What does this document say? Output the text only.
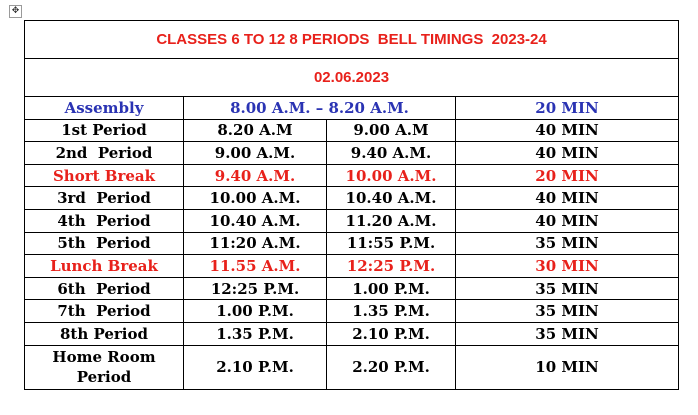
✥
CLASSES 6 TO 12 8 PERIODS  BELL TIMINGS  2023-24			
02.06.2023			
Assembly	8.00 A.M. – 8.20 A.M.		20 MIN
1st Period	8.20 A.M	9.00 A.M	40 MIN
2nd  Period	9.00 A.M.	9.40 A.M.	40 MIN
Short Break	9.40 A.M.	10.00 A.M.	20 MIN
3rd  Period	10.00 A.M.	10.40 A.M.	40 MIN
4th  Period	10.40 A.M.	11.20 A.M.	40 MIN
5th  Period	11:20 A.M.	11:55 P.M.	35 MIN
Lunch Break	11.55 A.M.	12:25 P.M.	30 MIN
6th  Period	12:25 P.M.	1.00 P.M.	35 MIN
7th  Period	1.00 P.M.	1.35 P.M.	35 MIN
8th Period	1.35 P.M.	2.10 P.M.	35 MIN

Home Room
Period	2.10 P.M.	2.20 P.M.	10 MIN
